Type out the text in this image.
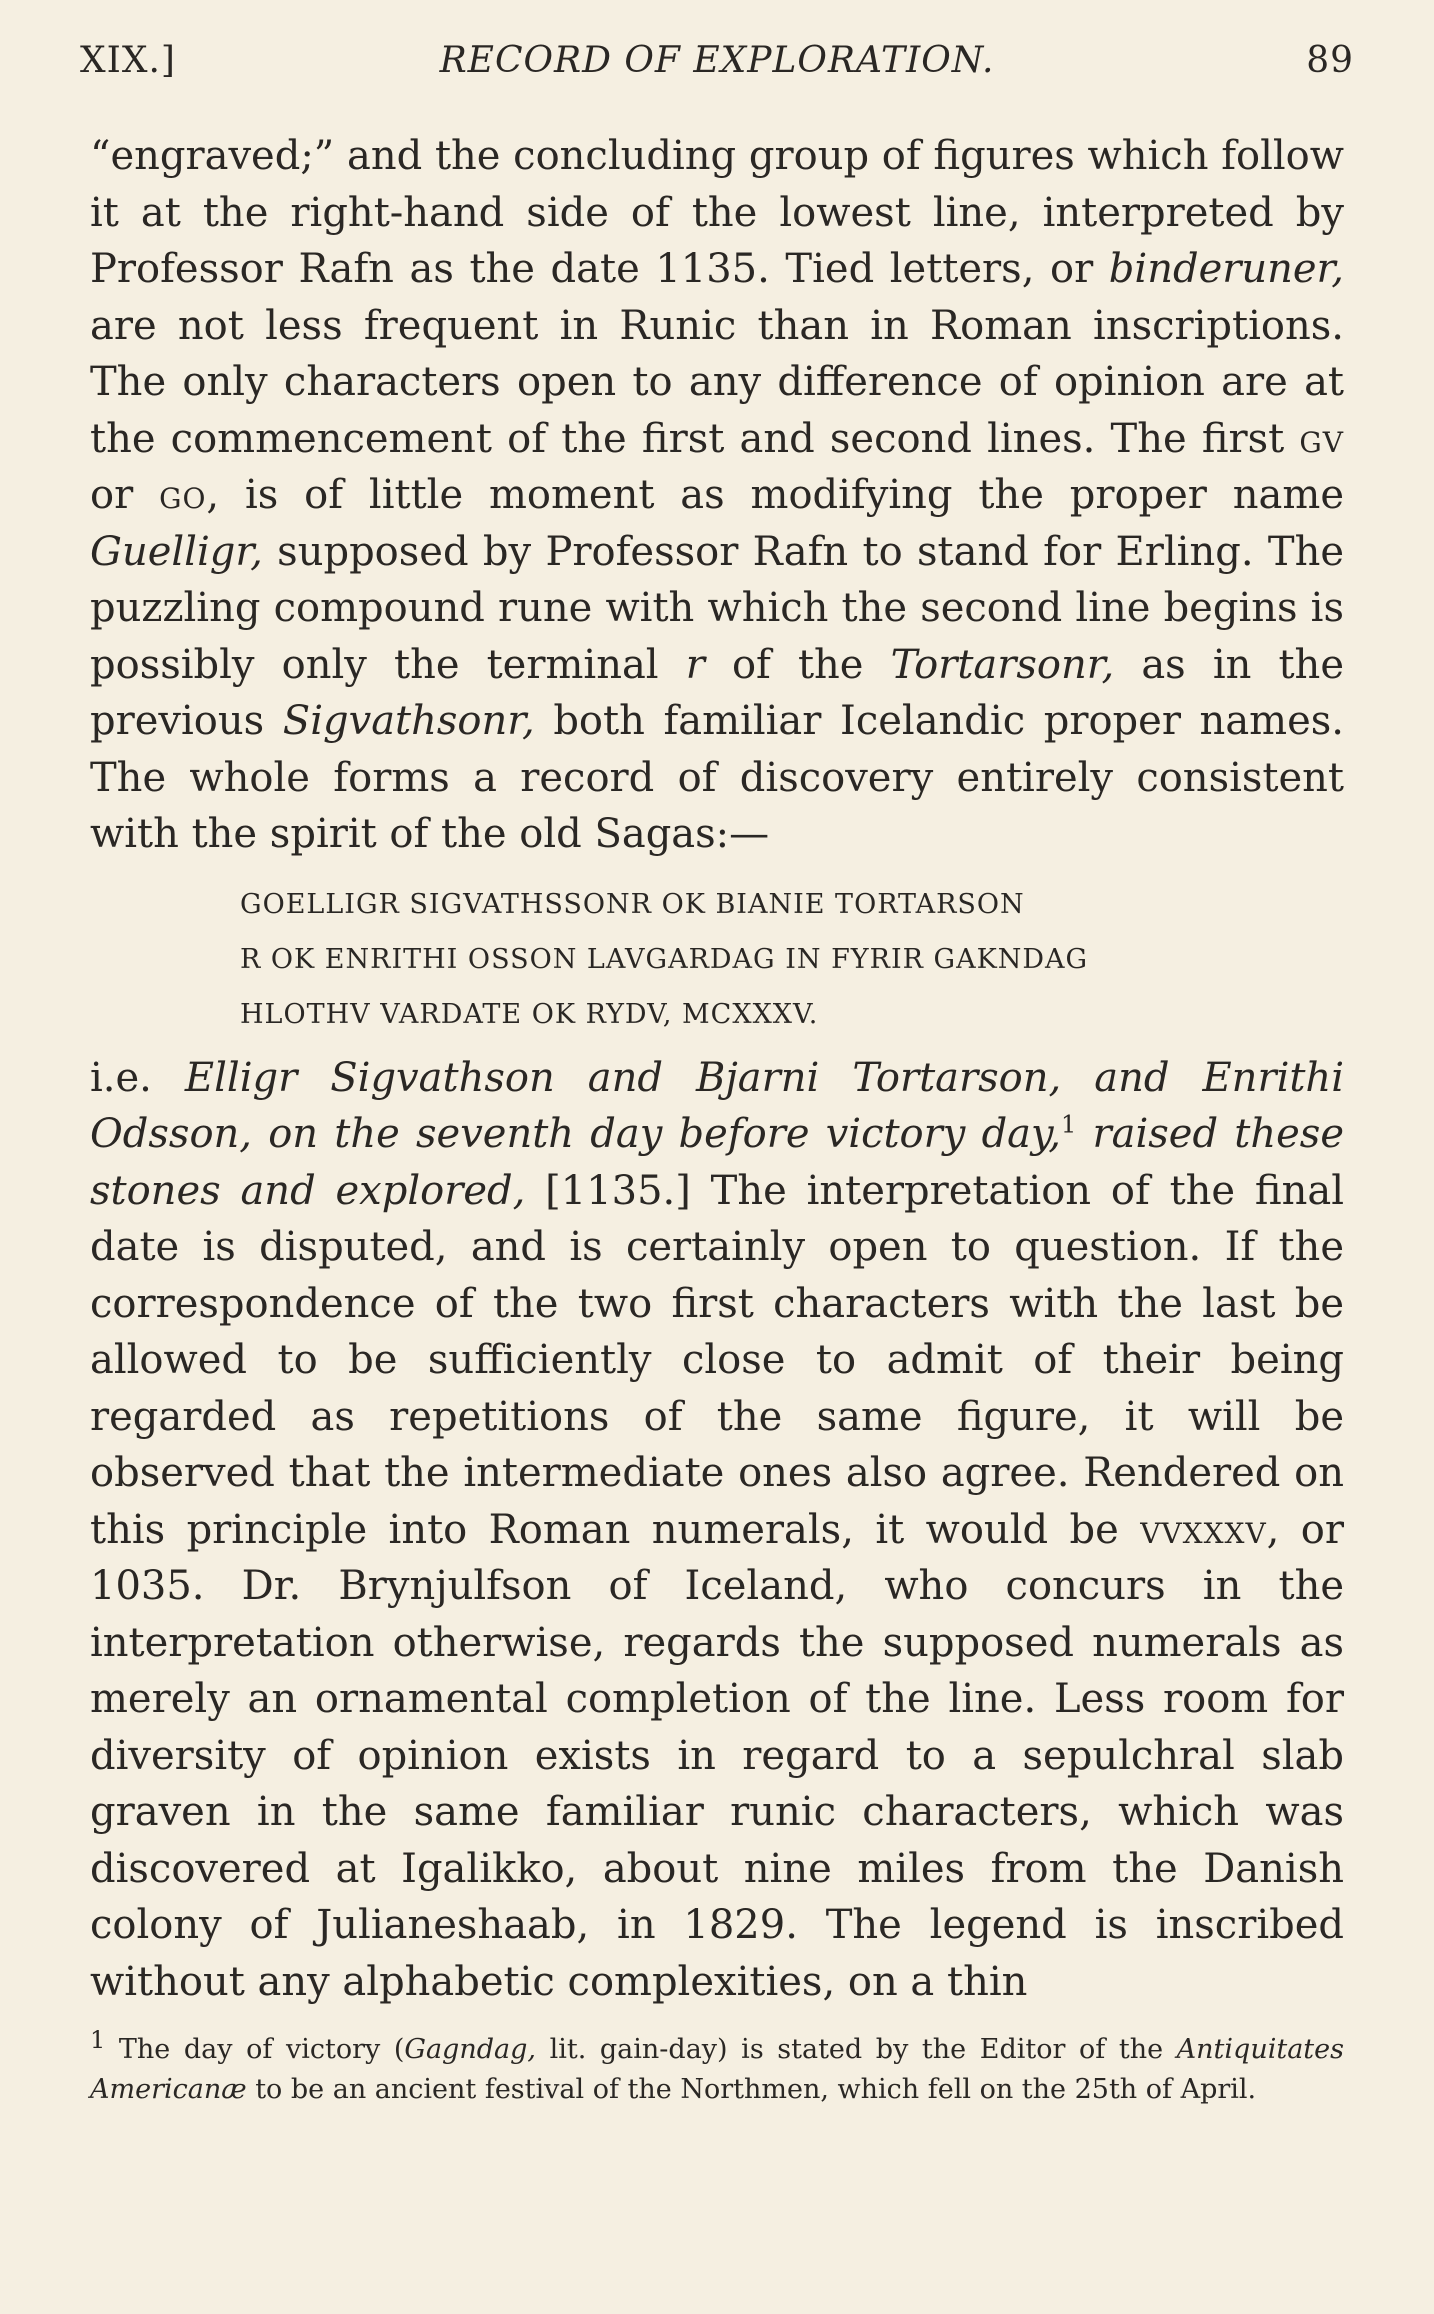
XIX.]	RECORD OF EXPLORATION.	89

“engraved;” and the concluding group of figures which follow it at the right-hand side of the lowest line, interpreted by Professor Rafn as the date 1135. Tied letters, or binderuner, are not less frequent in Runic than in Roman inscriptions. The only characters open to any difference of opinion are at the commencement of the first and second lines. The first gv or go, is of little moment as modifying the proper name Guelligr, supposed by Professor Rafn to stand for Erling. The puzzling compound rune with which the second line begins is possibly only the terminal r of the Tortarsonr, as in the previous Sigvathsonr, both familiar Icelandic proper names. The whole forms a record of discovery entirely consistent with the spirit of the old Sagas:—

GOELLIGR SIGVATHSSONR OK BIANIE TORTARSON
R OK ENRITHI OSSON LAVGARDAG IN FYRIR GAKNDAG
HLOTHV VARDATE OK RYDV, MCXXXV.

i.e. Elligr Sigvathson and Bjarni Tortarson, and Enrithi Odsson, on the seventh day before victory day,$^1$ raised these stones and explored, [1135.] The interpretation of the final date is disputed, and is certainly open to question. If the correspondence of the two first characters with the last be allowed to be sufficiently close to admit of their being regarded as repetitions of the same figure, it will be observed that the intermediate ones also agree. Rendered on this principle into Roman numerals, it would be vvxxxv, or 1035. Dr. Brynjulfson of Iceland, who concurs in the interpretation otherwise, regards the supposed numerals as merely an ornamental completion of the line. Less room for diversity of opinion exists in regard to a sepulchral slab graven in the same familiar runic characters, which was discovered at Igalikko, about nine miles from the Danish colony of Julianeshaab, in 1829. The legend is inscribed without any alphabetic complexities, on a thin

$^1$ The day of victory (Gagndag, lit. gain-day) is stated by the Editor of the Antiquitates Americanæ to be an ancient festival of the Northmen, which fell on the 25th of April.
